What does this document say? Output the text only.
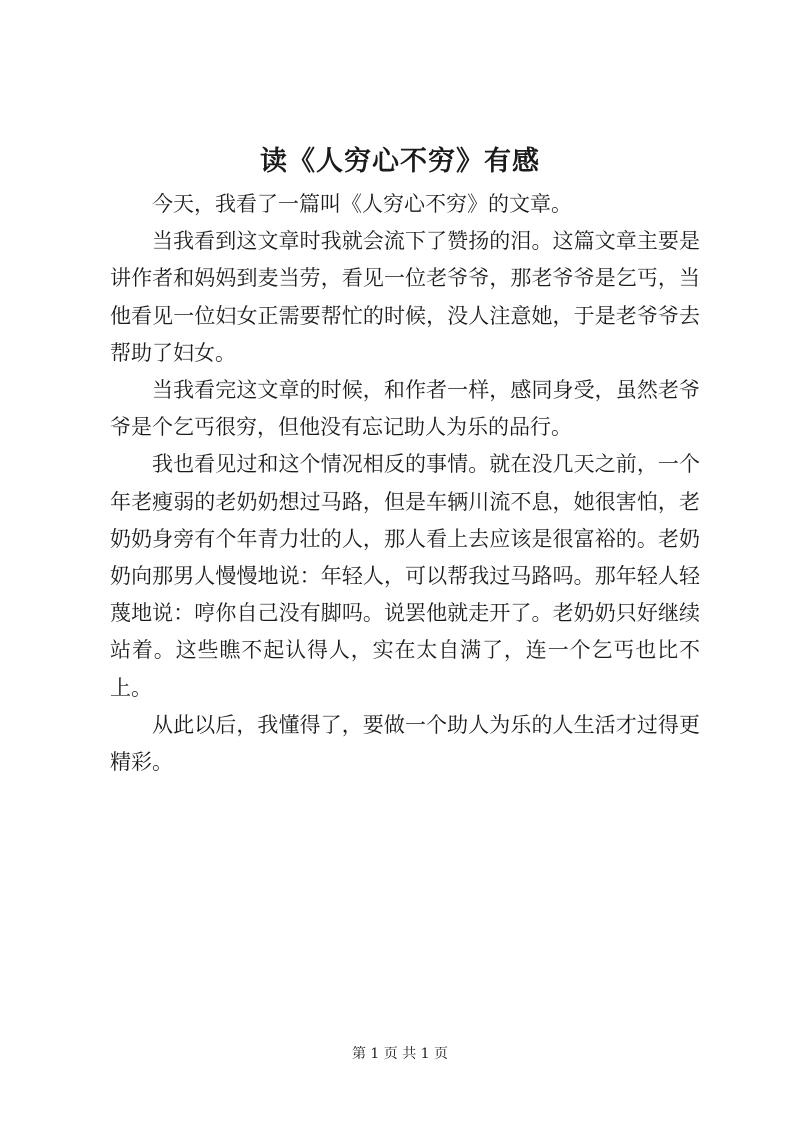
读《人穷心不穷》有感

今天，我看了一篇叫《人穷心不穷》的文章。

当我看到这文章时我就会流下了赞扬的泪。这篇文章主要是讲作者和妈妈到麦当劳，看见一位老爷爷，那老爷爷是乞丐，当他看见一位妇女正需要帮忙的时候，没人注意她，于是老爷爷去帮助了妇女。

当我看完这文章的时候，和作者一样，感同身受，虽然老爷爷是个乞丐很穷，但他没有忘记助人为乐的品行。

我也看见过和这个情况相反的事情。就在没几天之前，一个年老瘦弱的老奶奶想过马路，但是车辆川流不息，她很害怕，老奶奶身旁有个年青力壮的人，那人看上去应该是很富裕的。老奶奶向那男人慢慢地说：年轻人，可以帮我过马路吗。那年轻人轻蔑地说：哼你自己没有脚吗。说罢他就走开了。老奶奶只好继续站着。这些瞧不起认得人，实在太自满了，连一个乞丐也比不上。

从此以后，我懂得了，要做一个助人为乐的人生活才过得更精彩。

第 1 页 共 1 页
